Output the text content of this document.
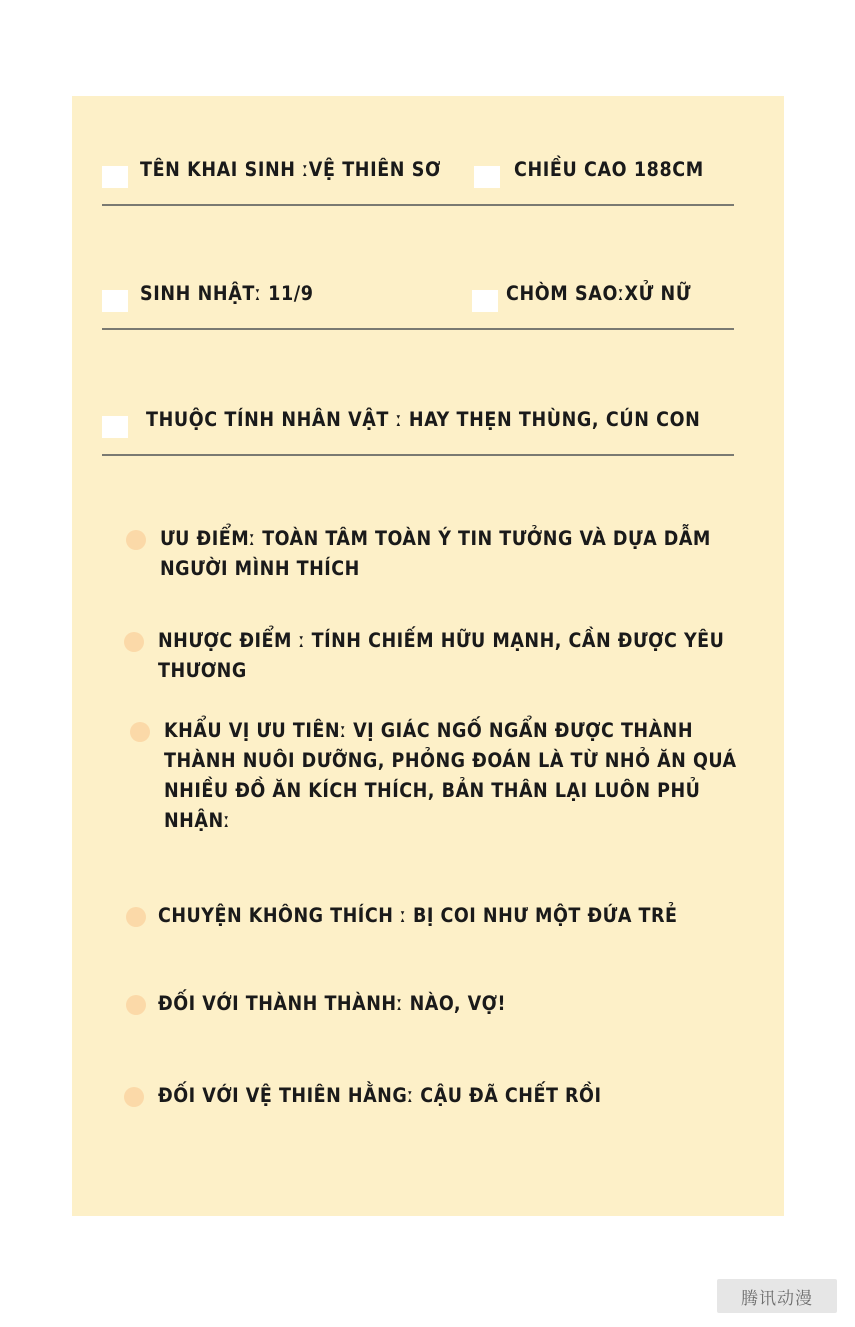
TÊN KHAI SINH ːVỆ THIÊN SƠ	CHIỀU CAO 188CM
SINH NHẬTː 11/9	CHÒM SAOːXỬ NỮ
THUỘC TÍNH NHÂN VẬT ː HAY THẸN THÙNG, CÚN CON
ƯU ĐIỂMː TOÀN TÂM TOÀN Ý TIN TƯỞNG VÀ DỰA DẪM NGƯỜI MÌNH THÍCH
NHƯỢC ĐIỂM ː TÍNH CHIẾM HỮU MẠNH, CẦN ĐƯỢC YÊU THƯƠNG
KHẨU VỊ ƯU TIÊNː VỊ GIÁC NGỐ NGẨN ĐƯỢC THÀNH THÀNH NUÔI DƯỠNG, PHỎNG ĐOÁN LÀ TỪ NHỎ ĂN QUÁ NHIỀU ĐỒ ĂN KÍCH THÍCH, BẢN THÂN LẠI LUÔN PHỦ NHẬNː
CHUYỆN KHÔNG THÍCH ː BỊ COI NHƯ MỘT ĐỨA TRẺ
ĐỐI VỚI THÀNH THÀNHː NÀO, VỢ!
ĐỐI VỚI VỆ THIÊN HẰNGː CẬU ĐÃ CHẾT RỒI
腾讯动漫
